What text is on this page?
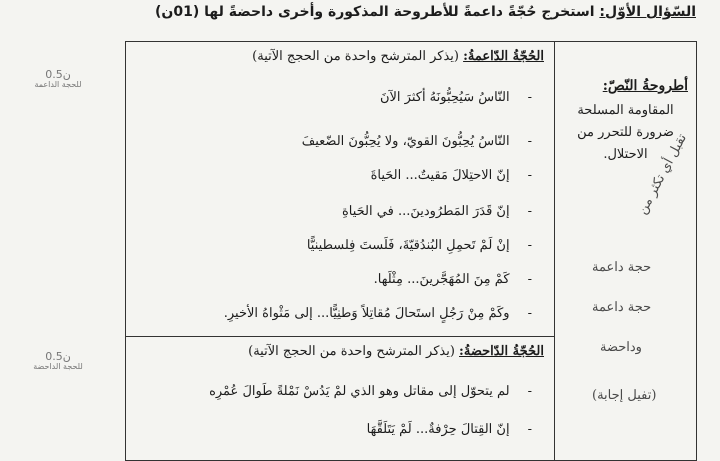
السّؤال الأوّل: استخرج حُجّةً داعمةً للأطروحة المذكورة وأخرى داحضةً لها (01ن)
0.5ن
للحجة الداعمة
0.5ن
للحجة الداحضة
أطروحةُ النّصّ:
المقاومة المسلحة ضرورة للتحرر من الاحتلال.
الحُجّةُ الدّاعمةُ: (يذكر المترشح واحدة من الحجج الآتية)
- النّاسُ سَيُحِبُّونَهُ أكثرَ الآنَ
- النّاسُ يُحِبُّونَ القويّ، ولا يُحِبُّونَ الضّعيفَ
- إنّ الاحتِلالَ مَقيتٌ... الحَياةَ
- إنّ قَدَرَ المَطرُودينَ... في الحَياةِ
- إنْ لَمْ تَحمِلِ البُندُقيّةَ، فَلَستَ فِلسطينيًّا
- كَمْ مِنَ المُهَجَّرينَ... مِثْلَها.
- وكَمْ مِنْ رَجُلٍ استَحالَ مُقاتِلاً وَطنِيًّا... إلى مَثْواهُ الأخيرِ.
الحُجّةُ الدّاحضةُ: (يذكر المترشح واحدة من الحجج الآتية)
- لم يتحوّل إلى مقاتل وهو الذي لمْ يَدُسْ نَمْلةً طَوالَ عُمْرِه
- إنّ القِتالَ حِرْفةٌ... لَمْ يَتَلَقَّهَا
تقبل أي تكثر من
حجة داعمة
حجة داعمة
وداحضة
(تفيل إجابة)
